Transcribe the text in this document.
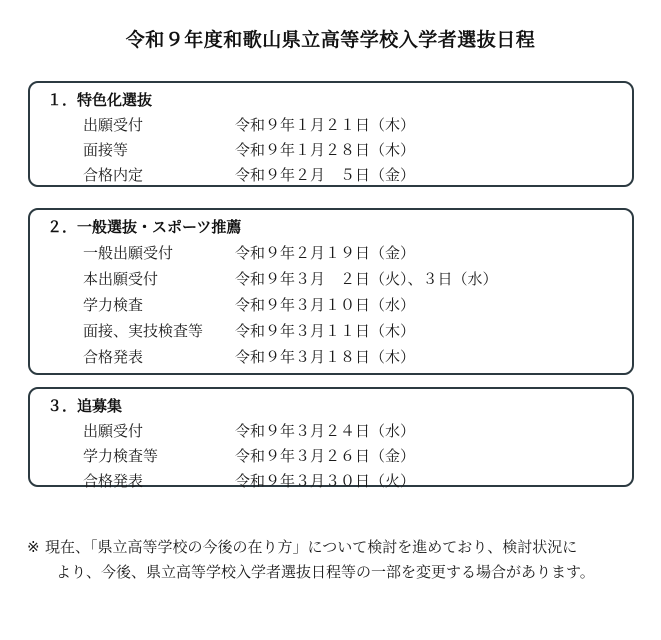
令和９年度和歌山県立高等学校入学者選抜日程
１．特色化選抜
出願受付	令和９年１月２１日（木）
面接等	令和９年１月２８日（木）
合格内定	令和９年２月　５日（金）
２．一般選抜・スポーツ推薦
一般出願受付	令和９年２月１９日（金）
本出願受付	令和９年３月　２日（火）、３日（水）
学力検査	令和９年３月１０日（水）
面接、実技検査等	令和９年３月１１日（木）
合格発表	令和９年３月１８日（木）
３．追募集
出願受付	令和９年３月２４日（水）
学力検査等	令和９年３月２６日（金）
合格発表	令和９年３月３０日（火）
※ 現在、「県立高等学校の今後の在り方」について検討を進めており、検討状況に
より、今後、県立高等学校入学者選抜日程等の一部を変更する場合があります。
